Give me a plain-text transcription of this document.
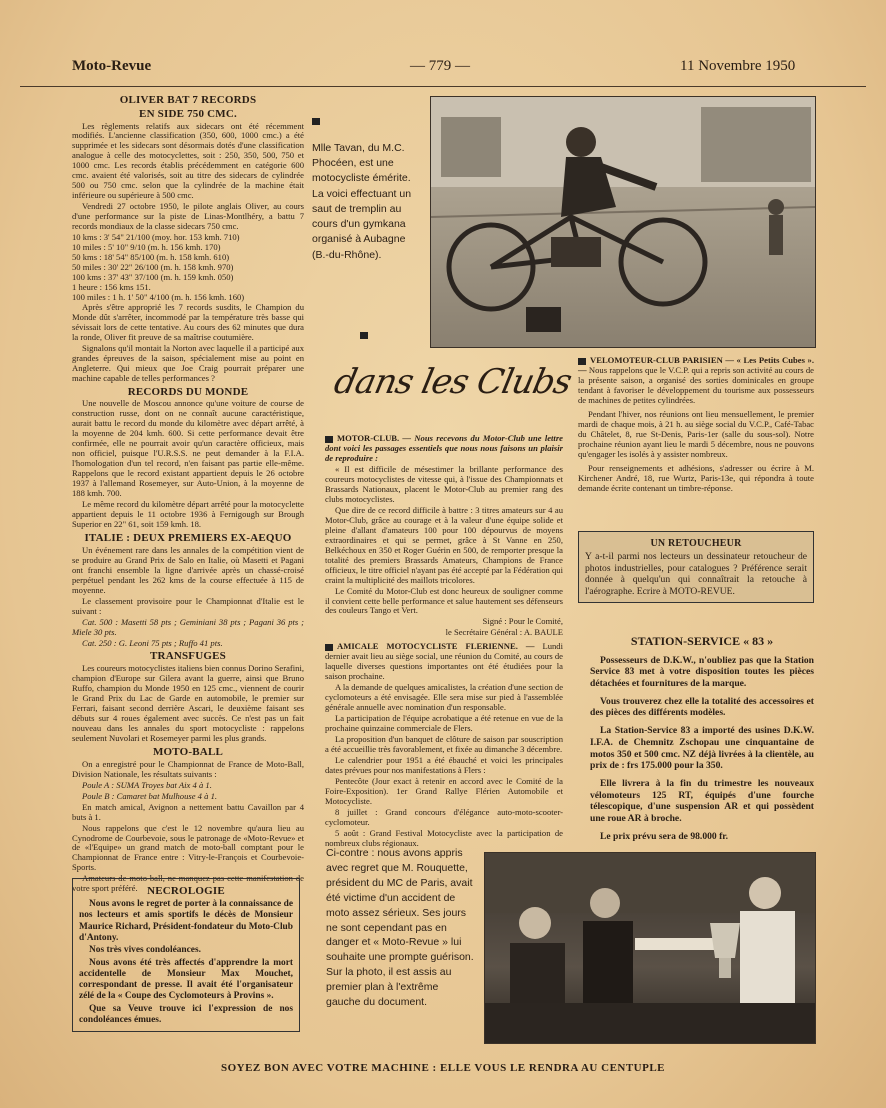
Moto-Revue	— 779 —	11 Novembre 1950
OLIVER BAT 7 RECORDS
EN SIDE 750 CMC.

Les règlements relatifs aux sidecars ont été récemment modifiés. L'ancienne classification (350, 600, 1000 cmc.) a été supprimée et les sidecars sont désormais dotés d'une classification analogue à celle des motocyclettes, soit : 250, 350, 500, 750 et 1000 cmc. Les records établis précédemment en catégorie 600 cmc. avaient été valorisés, soit au titre des sidecars de cylindrée 500 ou 750 cmc. selon que la cylindrée de la machine était inférieure ou supérieure à 500 cmc.

Vendredi 27 octobre 1950, le pilote anglais Oliver, au cours d'une performance sur la piste de Linas-Montlhéry, a battu 7 records mondiaux de la classe sidecars 750 cmc.

10 kms : 3' 54" 21/100 (moy. hor. 153 kmh. 710)

10 miles : 5' 10" 9/10 (m. h. 156 kmh. 170)

50 kms : 18' 54" 85/100 (m. h. 158 kmh. 610)

50 miles : 30' 22" 26/100 (m. h. 158 kmh. 970)

100 kms : 37' 43" 37/100 (m. h. 159 kmh. 050)

1 heure : 156 kms 151.

100 miles : 1 h. 1' 50" 4/100 (m. h. 156 kmh. 160)

Après s'être approprié les 7 records susdits, le Champion du Monde dût s'arrêter, incommodé par la température très basse qui sévissait lors de cette tentative. Au cours des 62 minutes que dura la ronde, Oliver fit preuve de sa maîtrise coutumière.

Signalons qu'il montait la Norton avec laquelle il a participé aux grandes épreuves de la saison, spécialement mise au point en Angleterre. Qui mieux que Joe Craig pourrait préparer une machine capable de telles performances ?

RECORDS DU MONDE

Une nouvelle de Moscou annonce qu'une voiture de course de construction russe, dont on ne connaît aucune caractéristique, aurait battu le record du monde du kilomètre avec départ arrêté, à la moyenne de 204 kmh. 600. Si cette performance devait être confirmée, elle ne pourrait avoir qu'un caractère officieux, mais non officiel, puisque l'U.R.S.S. ne peut demander à la F.I.A. l'homologation d'un tel record, n'en faisant pas partie elle-même. Rappelons que le record existant appartient depuis le 26 octobre 1937 à l'allemand Rosemeyer, sur Auto-Union, à la moyenne de 188 kmh. 700.

Le même record du kilomètre départ arrêté pour la motocyclette appartient depuis le 11 octobre 1936 à Fernigough sur Brough Superior en 22" 61, soit 159 kmh. 18.

ITALIE : DEUX PREMIERS EX-AEQUO

Un événement rare dans les annales de la compétition vient de se produire au Grand Prix de Salo en Italie, où Masetti et Pagani ont franchi ensemble la ligne d'arrivée après un chassé-croisé perpétuel pendant les 262 kms de la course effectuée à 115 de moyenne.

Le classement provisoire pour le Championnat d'Italie est le suivant :

Cat. 500 : Masetti 58 pts ; Geminiani 38 pts ; Pagani 36 pts ; Miele 30 pts.

Cat. 250 : G. Leoni 75 pts ; Ruffo 41 pts.

TRANSFUGES

Les coureurs motocyclistes italiens bien connus Dorino Serafini, champion d'Europe sur Gilera avant la guerre, ainsi que Bruno Ruffo, champion du Monde 1950 en 125 cmc., viennent de courir le Grand Prix du Lac de Garde en automobile, le premier sur Ferrari, faisant second derrière Ascari, le deuxième faisant ses débuts sur 4 roues également avec succès. Ce n'est pas un fait nouveau dans les annales du sport motocycliste : rappelons seulement Nuvolari et Rosemeyer parmi les plus grands.

MOTO-BALL

On a enregistré pour le Championnat de France de Moto-Ball, Division Nationale, les résultats suivants :

Poule A : SUMA Troyes bat Aix 4 à 1.

Poule B : Camaret bat Mulhouse 4 à 1.

En match amical, Avignon a nettement battu Cavaillon par 4 buts à 1.

Nous rappelons que c'est le 12 novembre qu'aura lieu au Cynodrome de Courbevoie, sous le patronage de «Moto-Revue» et de «l'Equipe» un grand match de moto-ball comptant pour le Championnat de France entre : Vitry-le-François et Courbevoie-Sports.

Amateurs de moto-ball, ne manquez pas cette manifestation de votre sport préféré. NECROLOGIE

Nous avons le regret de porter à la connaissance de nos lecteurs et amis sportifs le décès de Monsieur Maurice Richard, Président-fondateur du Moto-Club d'Antony.

Nos très vives condoléances.

Nous avons été très affectés d'apprendre la mort accidentelle de Monsieur Max Mouchet, correspondant de presse. Il avait été l'organisateur zélé de la « Coupe des Cyclomoteurs à Provins ».

Que sa Veuve trouve ici l'expression de nos condoléances émues.

Mlle Tavan, du M.C. Phocéen, est une motocycliste émérite. La voici effectuant un saut de tremplin au cours d'un gymkana organisé à Aubagne (B.-du-Rhône).
dans les Clubs

MOTOR-CLUB. — Nous recevons du Motor-Club une lettre dont voici les passages essentiels que nous nous faisons un plaisir de reproduire :

« Il est difficile de mésestimer la brillante performance des coureurs motocyclistes de vitesse qui, à l'issue des Championnats et Brassards Nationaux, placent le Motor-Club au premier rang des clubs motocyclistes.

Que dire de ce record difficile à battre : 3 titres amateurs sur 4 au Motor-Club, grâce au courage et à la valeur d'une équipe solide et pleine d'allant d'amateurs 100 pour 100 dépourvus de moyens extraordinaires et qui se permet, grâce à St Vanne en 250, Belkéchoux en 350 et Roger Guérin en 500, de remporter presque la totalité des premiers Brassards Amateurs, Champions de France officieux, le titre officiel n'ayant pas été accepté par la Fédération qui craint la multiplicité des maillots tricolores.

Le Comité du Motor-Club est donc heureux de souligner comme il convient cette belle performance et salue hautement ses défenseurs des couleurs Tango et Vert.

Signé : Pour le Comité,

le Secrétaire Général : A. BAULE

AMICALE MOTOCYCLISTE FLERIENNE. — Lundi dernier avait lieu au siège social, une réunion du Comité, au cours de laquelle diverses questions importantes ont été étudiées pour la saison prochaine.

A la demande de quelques amicalistes, la création d'une section de cyclomoteurs a été envisagée. Elle sera mise sur pied à l'assemblée générale annuelle avec nomination d'un responsable.

La participation de l'équipe acrobatique a été retenue en vue de la prochaine quinzaine commerciale de Flers.

La proposition d'un banquet de clôture de saison par souscription a été accueillie très favorablement, et fixée au dimanche 3 décembre.

Le calendrier pour 1951 a été ébauché et voici les principales dates prévues pour nos manifestations à Flers :

Pentecôte (Jour exact à retenir en accord avec le Comité de la Foire-Exposition). 1er Grand Rallye Flérien Automobile et Motocycliste.

8 juillet : Grand concours d'élégance auto-moto-scooter-cyclomoteur.

5 août : Grand Festival Motocycliste avec la participation de nombreux clubs régionaux.

VELOMOTEUR-CLUB PARISIEN — « Les Petits Cubes ». — Nous rappelons que le V.C.P. qui a repris son activité au cours de la présente saison, a organisé des sorties dominicales en groupe tendant à favoriser le développement du tourisme aux possesseurs de machines de petites cylindrées.

Pendant l'hiver, nos réunions ont lieu mensuellement, le premier mardi de chaque mois, à 21 h. au siège social du V.C.P., Café-Tabac du Châtelet, 8, rue St-Denis, Paris-1er (salle du sous-sol). Notre prochaine réunion ayant lieu le mardi 5 décembre, nous ne pouvons qu'engager les isolés à y assister nombreux.

Pour renseignements et adhésions, s'adresser ou écrire à M. Kirchener André, 18, rue Wurtz, Paris-13e, qui répondra à toute demande écrite contenant un timbre-réponse.

UN RETOUCHEUR

Y a-t-il parmi nos lecteurs un dessinateur retoucheur de photos industrielles, pour catalogues ? Préférence serait donnée à quelqu'un qui connaîtrait la retouche à l'aérographe. Ecrire à MOTO-REVUE.

STATION-SERVICE « 83 »

Possesseurs de D.K.W., n'oubliez pas que la Station Service 83 met à votre disposition toutes les pièces détachées et fournitures de la marque.

Vous trouverez chez elle la totalité des accessoires et des pièces des différents modèles.

La Station-Service 83 a importé des usines D.K.W. I.F.A. de Chemnitz Zschopau une cinquantaine de motos 350 et 500 cmc. NZ déjà livrées à la clientèle, au prix de : frs 175.000 pour la 350.

Elle livrera à la fin du trimestre les nouveaux vélomoteurs 125 RT, équipés d'une fourche télescopique, d'une suspension AR et qui possèdent une roue AR à broche.

Le prix prévu sera de 98.000 fr.

Ci-contre : nous avons appris avec regret que M. Rouquette, président du MC de Paris, avait été victime d'un accident de moto assez sérieux. Ses jours ne sont cependant pas en danger et « Moto-Revue » lui souhaite une prompte guérison. Sur la photo, il est assis au premier plan à l'extrême gauche du document.
SOYEZ BON AVEC VOTRE MACHINE : ELLE VOUS LE RENDRA AU CENTUPLE
